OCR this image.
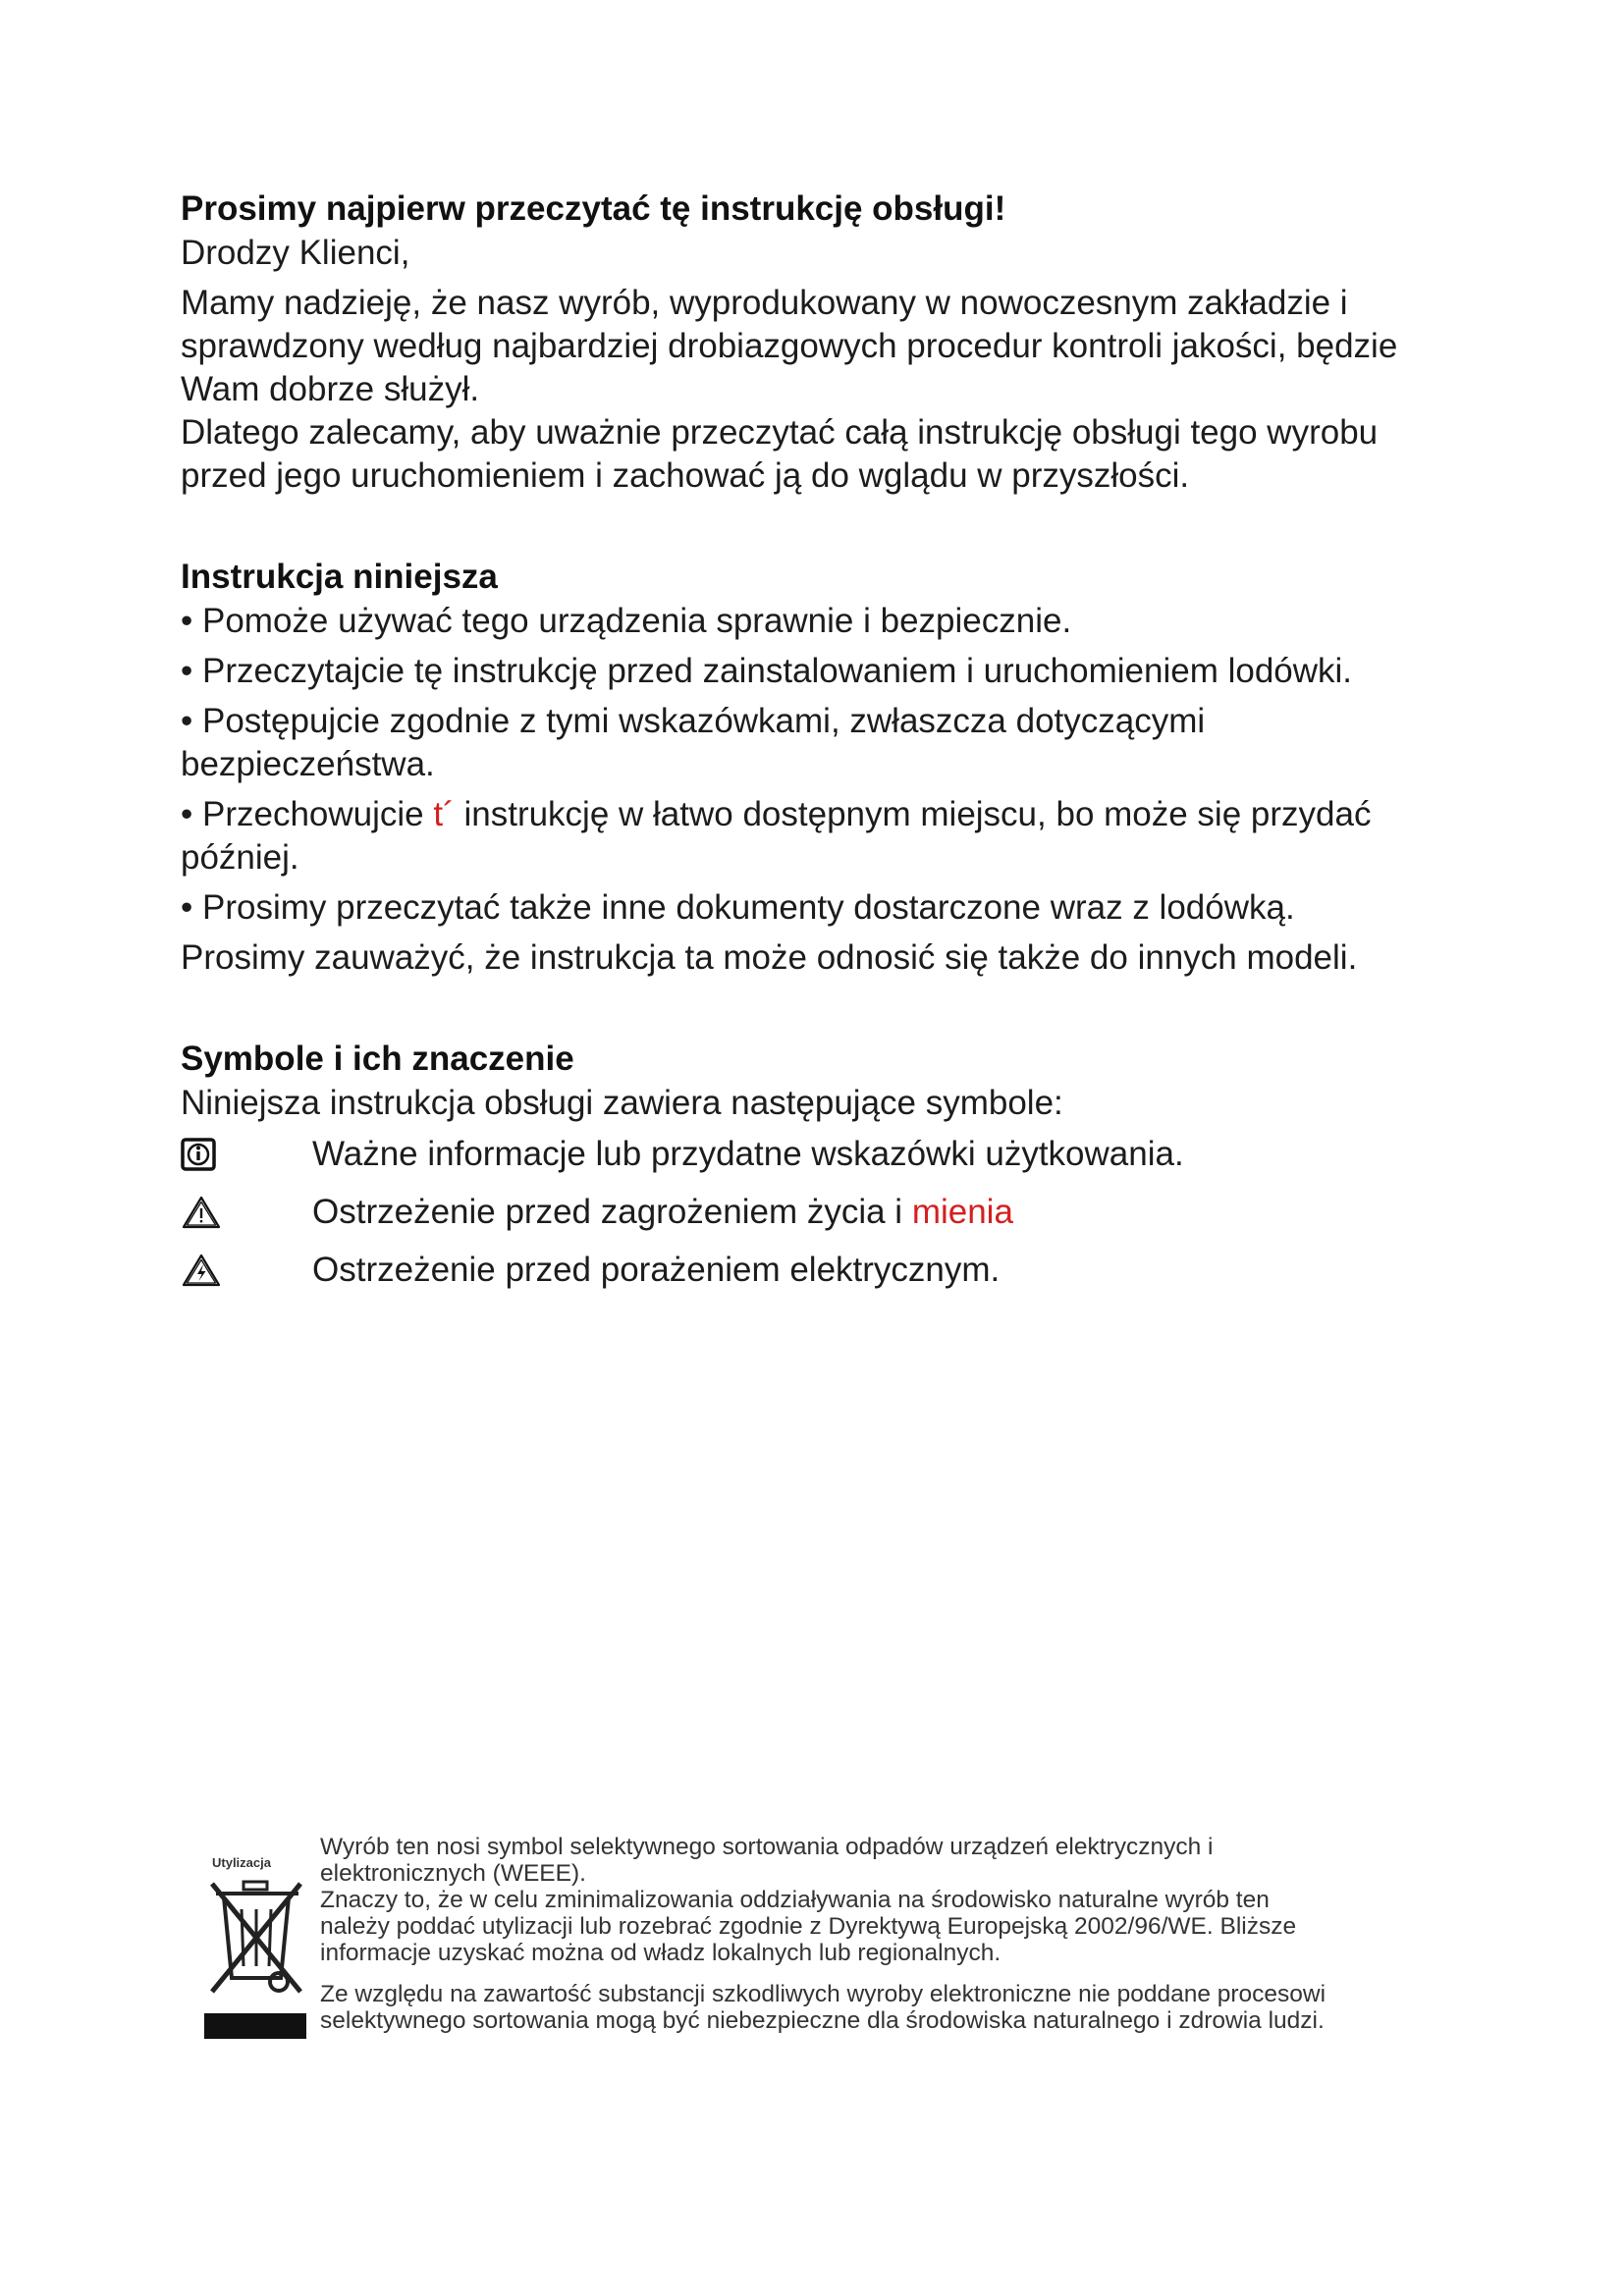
Prosimy najpierw przeczytać tę instrukcję obsługi!

Drodzy Klienci,

Mamy nadzieję, że nasz wyrób, wyprodukowany w nowoczesnym zakładzie i sprawdzony według najbardziej drobiazgowych procedur kontroli jakości, będzie Wam dobrze służył.

Dlatego zalecamy, aby uważnie przeczytać całą instrukcję obsługi tego wyrobu przed jego uruchomieniem i zachować ją do wglądu w przyszłości.

Instrukcja niniejsza

• Pomoże używać tego urządzenia sprawnie i bezpiecznie.

• Przeczytajcie tę instrukcję przed zainstalowaniem i uruchomieniem lodówki.

• Postępujcie zgodnie z tymi wskazówkami, zwłaszcza dotyczącymi bezpieczeństwa.

• Przechowujcie t´ instrukcję w łatwo dostępnym miejscu, bo może się przydać później.

• Prosimy przeczytać także inne dokumenty dostarczone wraz z lodówką.

Prosimy zauważyć, że instrukcja ta może odnosić się także do innych modeli.

Symbole i ich znaczenie

Niniejsza instrukcja obsługi zawiera następujące symbole:

Ważne informacje lub przydatne wskazówki użytkowania.
Ostrzeżenie przed zagrożeniem życia i mienia
Ostrzeżenie przed porażeniem elektrycznym.
Utylizacja

Wyrób ten nosi symbol selektywnego sortowania odpadów urządzeń elektrycznych i elektronicznych (WEEE).

Znaczy to, że w celu zminimalizowania oddziaływania na środowisko naturalne wyrób ten należy poddać utylizacji lub rozebrać zgodnie z Dyrektywą Europejską 2002/96/WE. Bliższe informacje uzyskać można od władz lokalnych lub regionalnych.

Ze względu na zawartość substancji szkodliwych wyroby elektroniczne nie poddane procesowi selektywnego sortowania mogą być niebezpieczne dla środowiska naturalnego i zdrowia ludzi.
